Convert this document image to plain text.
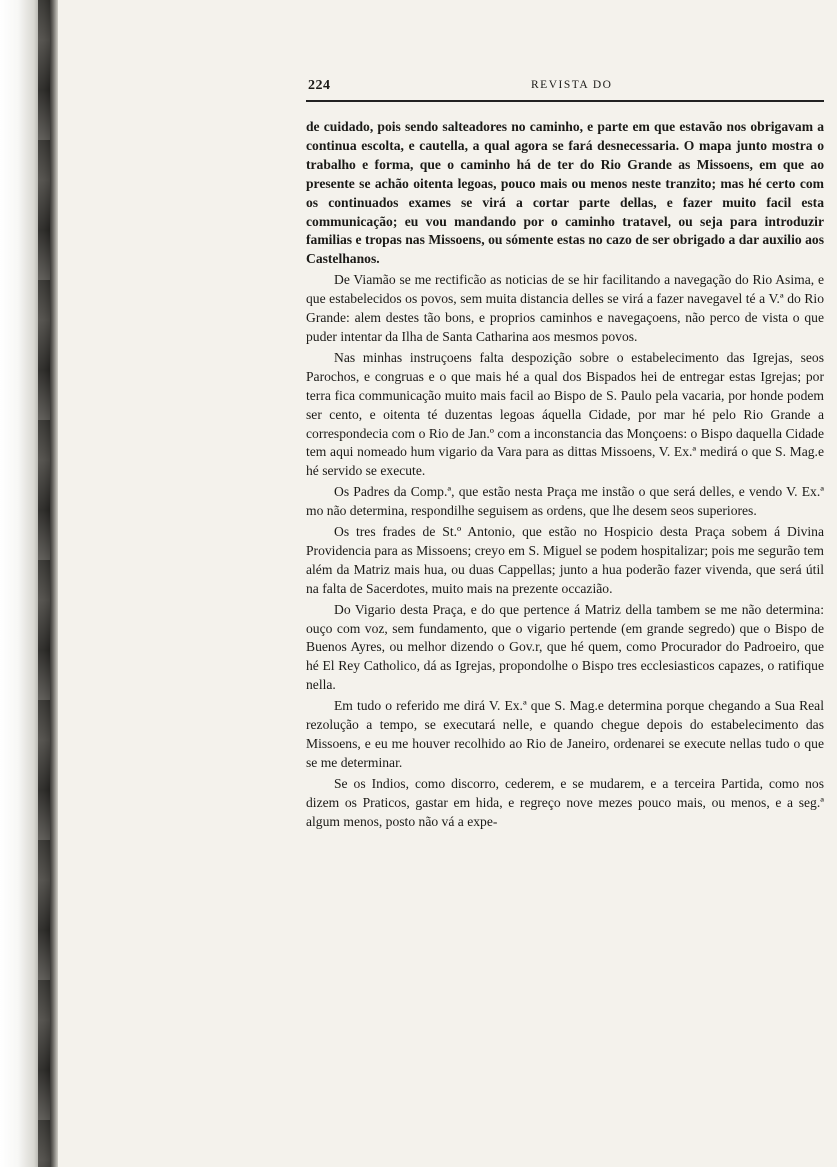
224	REVISTA DO

de cuidado, pois sendo salteadores no caminho, e parte em que estavão nos obrigavam a continua escolta, e cautella, a qual agora se fará desnecessaria. O mapa junto mostra o trabalho e forma, que o caminho há de ter do Rio Grande as Missoens, em que ao presente se achão oitenta legoas, pouco mais ou menos neste tranzito; mas hé certo com os continuados exames se virá a cortar parte dellas, e fazer muito facil esta communicação; eu vou mandando por o caminho tratavel, ou seja para introduzir familias e tropas nas Missoens, ou sómente estas no cazo de ser obrigado a dar auxilio aos Castelhanos.

De Viamão se me rectificão as noticias de se hir facilitando a navegação do Rio Asima, e que estabelecidos os povos, sem muita distancia delles se virá a fazer navegavel té a V.ª do Rio Grande: alem destes tão bons, e proprios caminhos e navegaçoens, não perco de vista o que puder intentar da Ilha de Santa Catharina aos mesmos povos.

Nas minhas instruçoens falta despozição sobre o estabelecimento das Igrejas, seos Parochos, e congruas e o que mais hé a qual dos Bispados hei de entregar estas Igrejas; por terra fica communicação muito mais facil ao Bispo de S. Paulo pela vacaria, por honde podem ser cento, e oitenta té duzentas legoas áquella Cidade, por mar hé pelo Rio Grande a correspondecia com o Rio de Jan.º com a inconstancia das Monçoens: o Bispo daquella Cidade tem aqui nomeado hum vigario da Vara para as dittas Missoens, V. Ex.ª medirá o que S. Mag.e hé servido se execute.

Os Padres da Comp.ª, que estão nesta Praça me instão o que será delles, e vendo V. Ex.ª mo não determina, respondilhe seguisem as ordens, que lhe desem seos superiores.

Os tres frades de St.º Antonio, que estão no Hospicio desta Praça sobem á Divina Providencia para as Missoens; creyo em S. Miguel se podem hospitalizar; pois me segurão tem além da Matriz mais hua, ou duas Cappellas; junto a hua poderão fazer vivenda, que será útil na falta de Sacerdotes, muito mais na prezente occazião.

Do Vigario desta Praça, e do que pertence á Matriz della tambem se me não determina: ouço com voz, sem fundamento, que o vigario pertende (em grande segredo) que o Bispo de Buenos Ayres, ou melhor dizendo o Gov.r, que hé quem, como Procurador do Padroeiro, que hé El Rey Catholico, dá as Igrejas, propondolhe o Bispo tres ecclesiasticos capazes, o ratifique nella.

Em tudo o referido me dirá V. Ex.ª que S. Mag.e determina porque chegando a Sua Real rezolução a tempo, se executará nelle, e quando chegue depois do estabelecimento das Missoens, e eu me houver recolhido ao Rio de Janeiro, ordenarei se execute nellas tudo o que se me determinar.

Se os Indios, como discorro, cederem, e se mudarem, e a terceira Partida, como nos dizem os Praticos, gastar em hida, e regreço nove mezes pouco mais, ou menos, e a seg.ª algum menos, posto não vá a expe-
